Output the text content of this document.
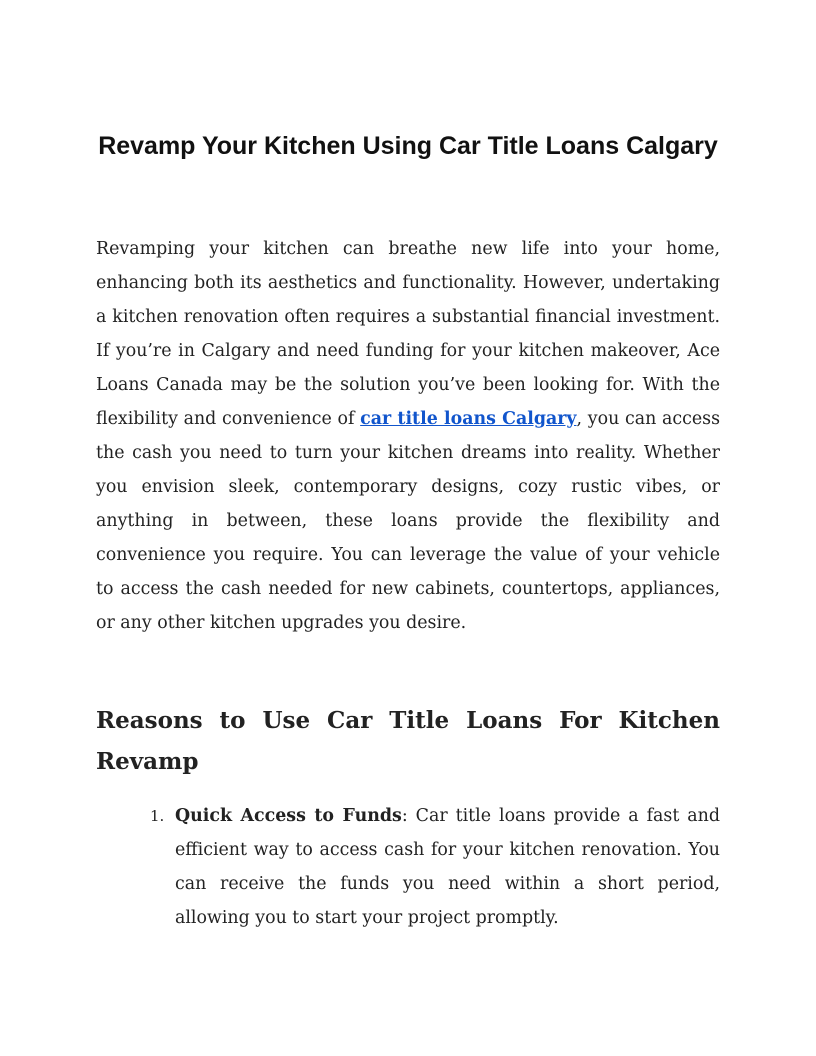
Revamp Your Kitchen Using Car Title Loans Calgary

Revamping your kitchen can breathe new life into your home, enhancing both its aesthetics and functionality. However, undertaking a kitchen renovation often requires a substantial financial investment. If you’re in Calgary and need funding for your kitchen makeover, Ace Loans Canada may be the solution you’ve been looking for. With the flexibility and convenience of car title loans Calgary, you can access the cash you need to turn your kitchen dreams into reality. Whether you envision sleek, contemporary designs, cozy rustic vibes, or anything in between, these loans provide the flexibility and convenience you require. You can leverage the value of your vehicle to access the cash needed for new cabinets, countertops, appliances, or any other kitchen upgrades you desire.

Reasons to Use Car Title Loans For Kitchen Revamp
1. Quick Access to Funds: Car title loans provide a fast and efficient way to access cash for your kitchen renovation. You can receive the funds you need within a short period, allowing you to start your project promptly.
